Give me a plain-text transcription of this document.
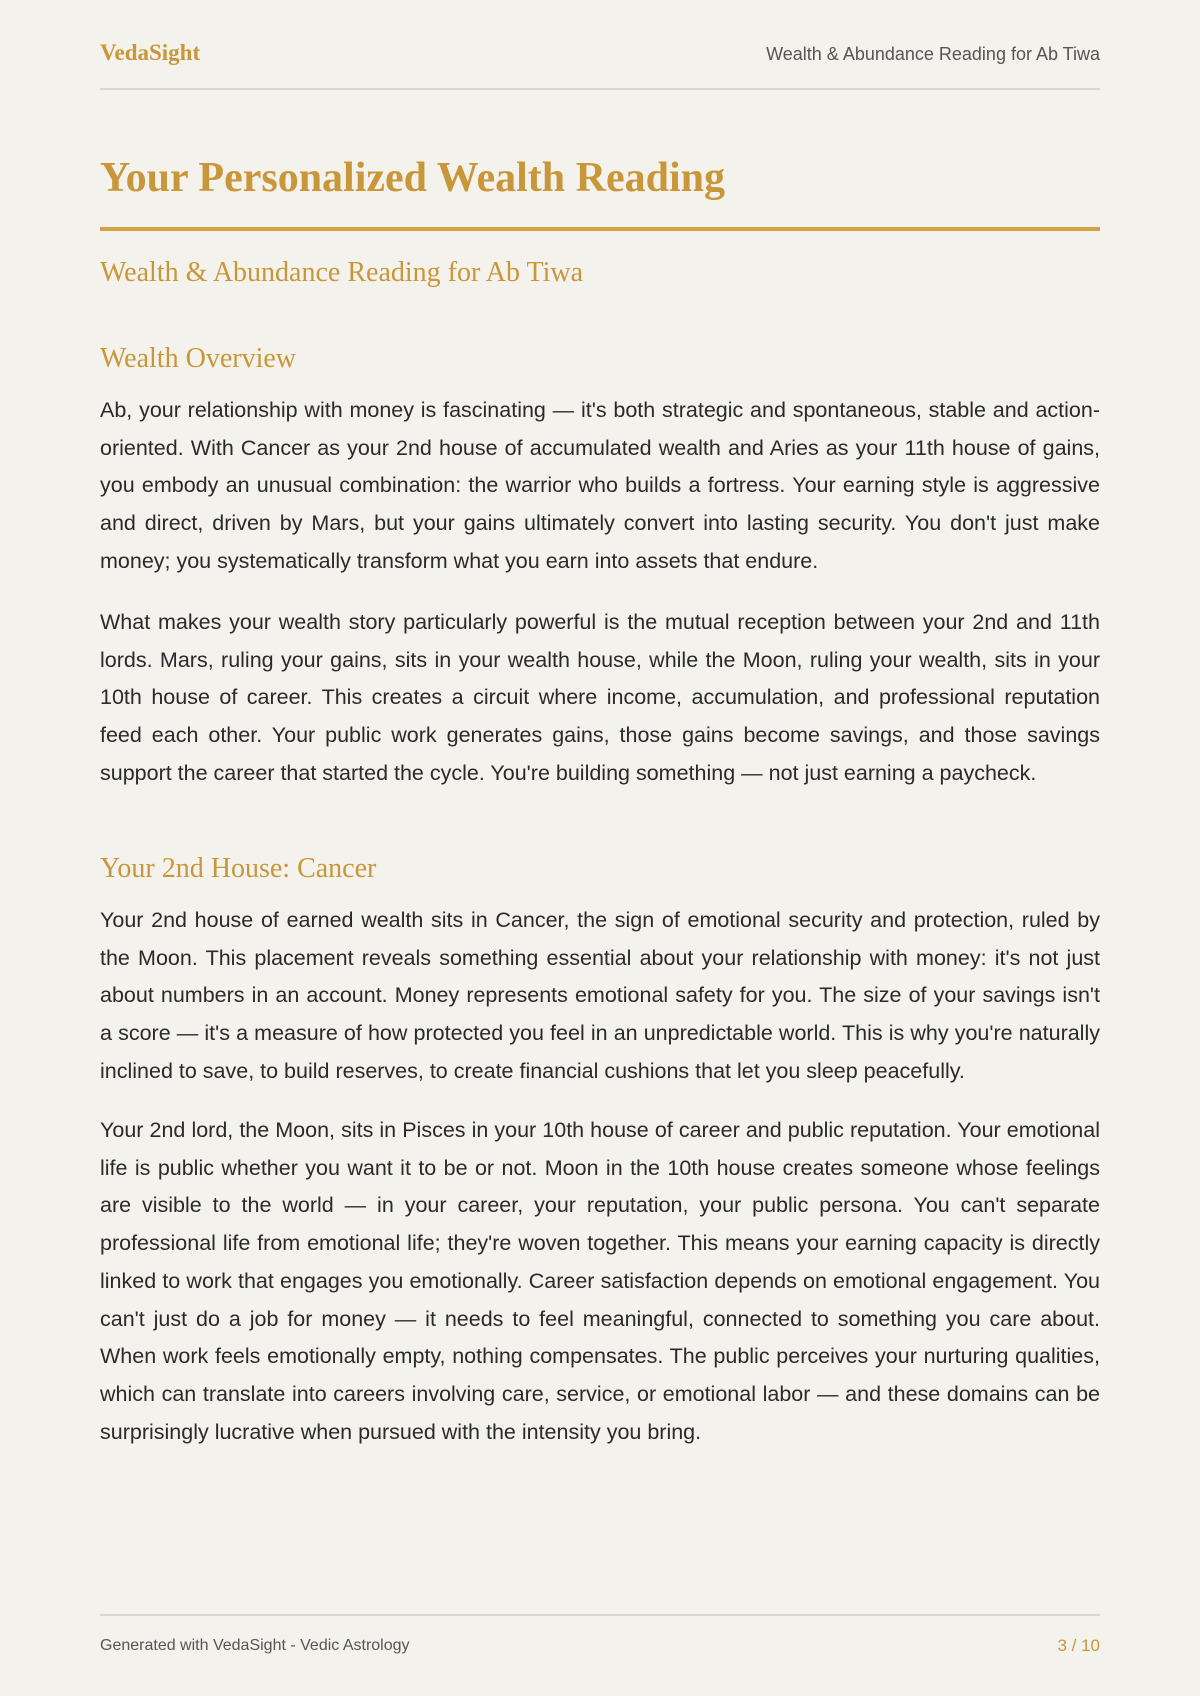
VedaSight	Wealth & Abundance Reading for Ab Tiwa
Your Personalized Wealth Reading
Wealth & Abundance Reading for Ab Tiwa
Wealth Overview

Ab, your relationship with money is fascinating — it's both strategic and spontaneous, stable and action-oriented. With Cancer as your 2nd house of accumulated wealth and Aries as your 11th house of gains, you embody an unusual combination: the warrior who builds a fortress. Your earning style is aggressive and direct, driven by Mars, but your gains ultimately convert into lasting security. You don't just make money; you systematically transform what you earn into assets that endure.

What makes your wealth story particularly powerful is the mutual reception between your 2nd and 11th lords. Mars, ruling your gains, sits in your wealth house, while the Moon, ruling your wealth, sits in your 10th house of career. This creates a circuit where income, accumulation, and professional reputation feed each other. Your public work generates gains, those gains become savings, and those savings support the career that started the cycle. You're building something — not just earning a paycheck.

Your 2nd House: Cancer

Your 2nd house of earned wealth sits in Cancer, the sign of emotional security and protection, ruled by the Moon. This placement reveals something essential about your relationship with money: it's not just about numbers in an account. Money represents emotional safety for you. The size of your savings isn't a score — it's a measure of how protected you feel in an unpredictable world. This is why you're naturally inclined to save, to build reserves, to create financial cushions that let you sleep peacefully.

Your 2nd lord, the Moon, sits in Pisces in your 10th house of career and public reputation. Your emotional life is public whether you want it to be or not. Moon in the 10th house creates someone whose feelings are visible to the world — in your career, your reputation, your public persona. You can't separate professional life from emotional life; they're woven together. This means your earning capacity is directly linked to work that engages you emotionally. Career satisfaction depends on emotional engagement. You can't just do a job for money — it needs to feel meaningful, connected to something you care about. When work feels emotionally empty, nothing compensates. The public perceives your nurturing qualities, which can translate into careers involving care, service, or emotional labor — and these domains can be surprisingly lucrative when pursued with the intensity you bring.

Generated with VedaSight - Vedic Astrology	3 / 10
